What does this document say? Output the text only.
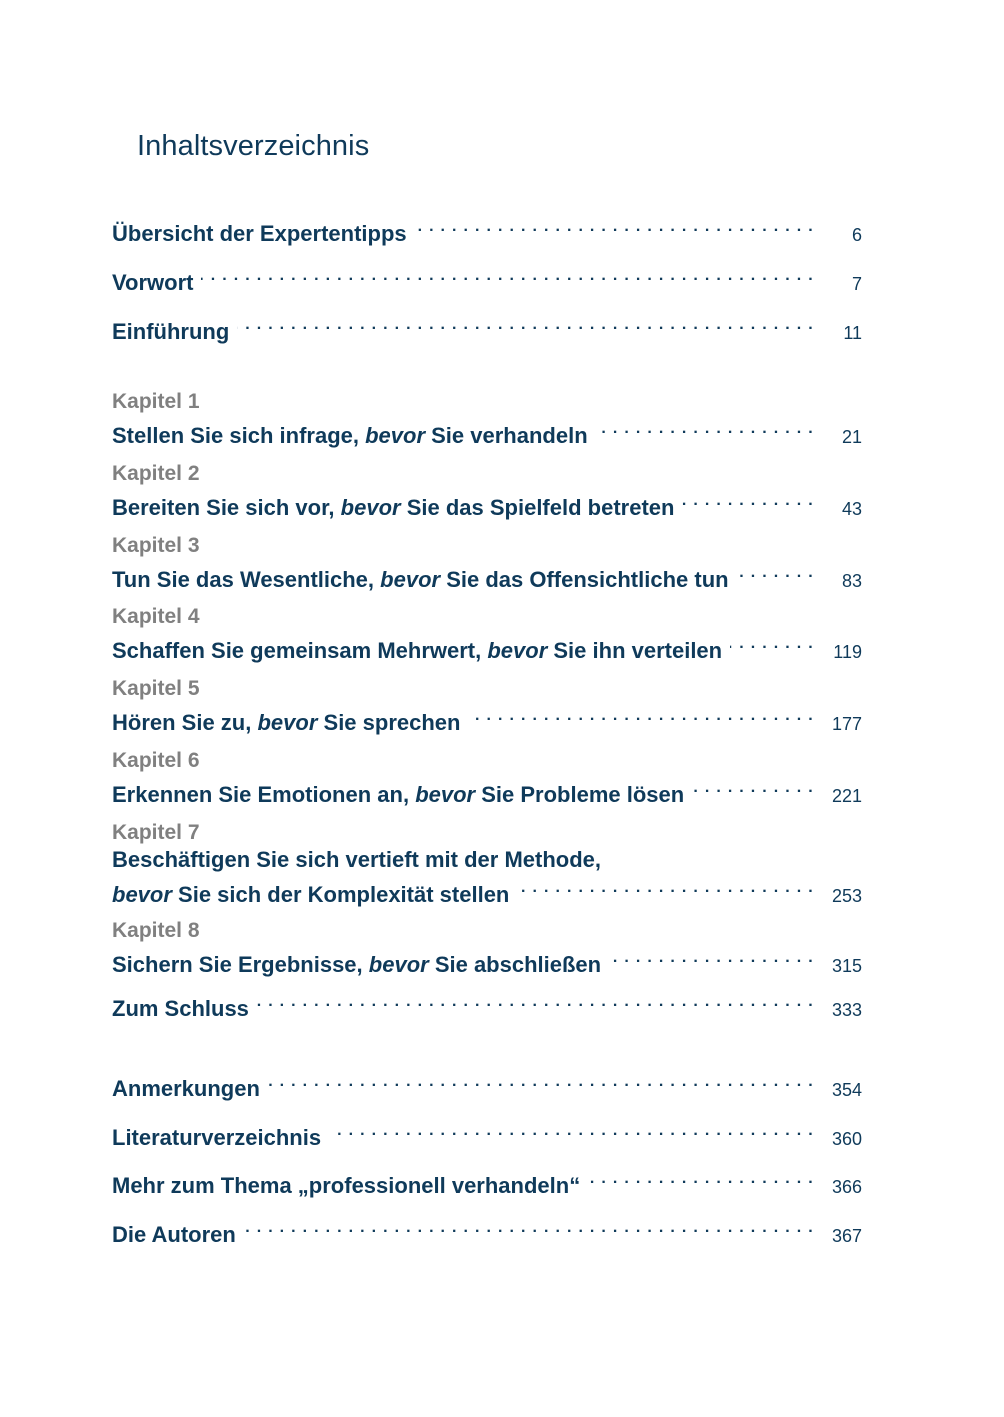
Inhaltsverzeichnis
Übersicht der Expertentipps . . .	6
Vorwort . . .	7
Einführung . . .	11
Kapitel 1
Stellen Sie sich infrage, bevor Sie verhandeln . . .	21
Kapitel 2
Bereiten Sie sich vor, bevor Sie das Spielfeld betreten . . .	43
Kapitel 3
Tun Sie das Wesentliche, bevor Sie das Offensichtliche tun . . .	83
Kapitel 4
Schaffen Sie gemeinsam Mehrwert, bevor Sie ihn verteilen . . .	119
Kapitel 5
Hören Sie zu, bevor Sie sprechen . . .	177
Kapitel 6
Erkennen Sie Emotionen an, bevor Sie Probleme lösen . . .	221
Kapitel 7
Beschäftigen Sie sich vertieft mit der Methode,
bevor Sie sich der Komplexität stellen . . .	253
Kapitel 8
Sichern Sie Ergebnisse, bevor Sie abschließen . . .	315
Zum Schluss . . .	333
Anmerkungen . . .	354
Literaturverzeichnis . . .	360
Mehr zum Thema „professionell verhandeln“ . . .	366
Die Autoren . . .	367
